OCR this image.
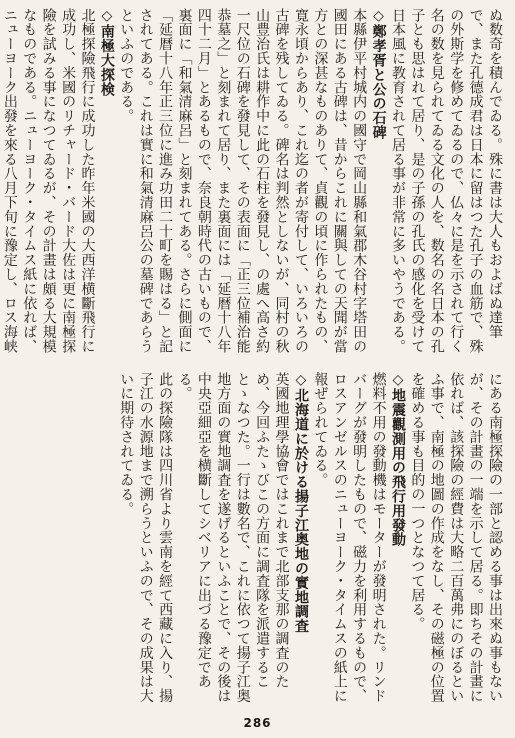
ぬ数奇を積んでゐる。殊に書は大人もおよばぬ達筆で、また孔德成君は日本に留はつた孔子の血筋で、殊の外斯学を修めてゐるので、仏々に是を示されて行く名の数を見られてゐる文化の人を、数名の名日本の孔子とも思はれて居り、是の子孫の孔氏の感化を受けて日本風に教育されて居る事が非常に多いやうである。

◇鄭孝胥と公の石碑

本縣伊平村城内の國守で岡山縣和氣郡木谷村字塔田の國田にある古碑は、昔からこれに關與しての天聞が當方との深甚なものありて、貞觀の頃に作られたもの、寛永頃からあり、これ迄の者が寄付して、いろいろの古碑を残してゐる。碑名は判然としないが、同村の秋山豊治氏は耕作中に此の石柱を發見し、の處へ高さ約一尺位の石碑を發見して、その表面に「正三位補治能恭墓之」と刻まれて居り、また裏面には「延暦十八年四十二月」とあるもので、奈良朝時代の古いもので、裏面に「和氣清麻呂」と刻まれてある。さらに側面に「延暦十八年正三位に進み功田二十町を賜はる」と記されてある。これは實に和氣清麻呂公の墓碑であらうといふのである。

◇南極大探検

北極探險飛行に成功した昨年米國の大西洋横斷飛行に成功し、米國のリチャード・バード大佐は更に南極探險を試みる事になつてゐるが、その計畫は頗る大規模なものである。ニューヨーク・タイムス紙に依れば、ニューヨーク出發を來る八月下旬に豫定し、ロス海峡

にある南極探險の一部と認める事は出來ぬ事もないが、その計畫の一端を示して居る。即ちその計畫に依れば、該探險の經費は大略二百萬弗にのぼるといふ事で、南極の地圖の作成をなし、その磁極の位置を確める事も目的の一つとなつて居る。

◇地震觀測用の飛行用發動

燃料不用の發動機はモーターが發明された。リンドバーグが發明したもので、磁力を利用するもので、ロスアンゼルスのニューヨーク・タイムスの紙上に報ぜられてゐる。

◇北海道に於ける揚子江奥地の實地調査

英國地理學協會ではこれまで北部支那の調査のため、今回ふたゝびこの方面に調査隊を派遣することゝなつた。一行は數名で、これに依つて揚子江奥地方面の實地調査を遂げるといふことで、その後は中央亞細亞を横斷してシベリアに出づる豫定である。

此の探險隊は四川省より雲南を經て西藏に入り、揚子江の水源地まで溯らうといふので、その成果は大いに期待されてゐる。

286
